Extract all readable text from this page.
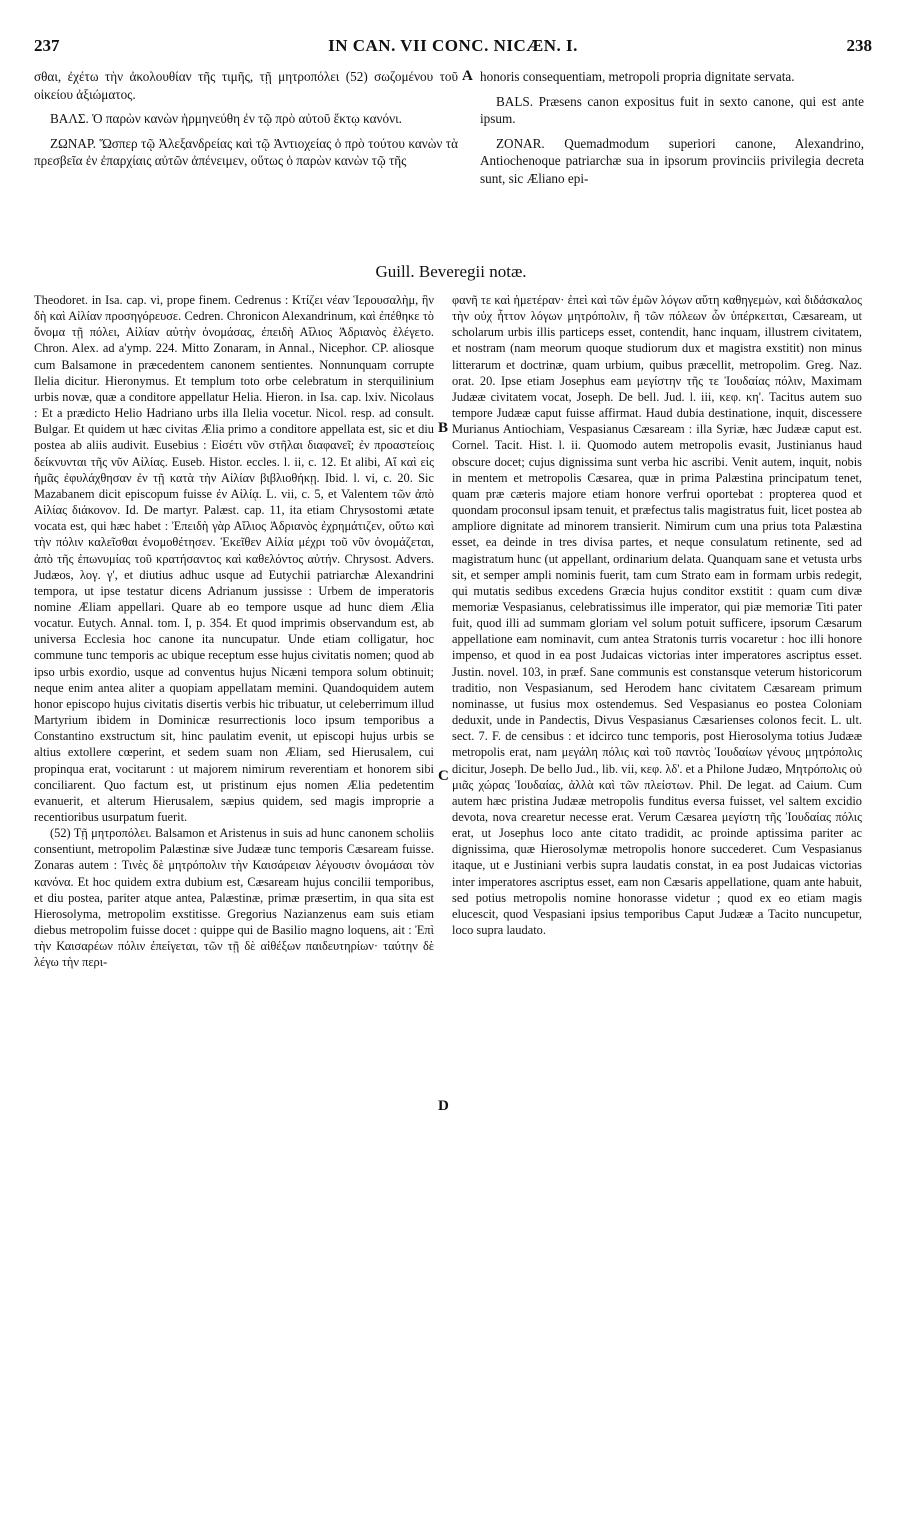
237	IN CAN. VII CONC. NICÆN. I.	238

σθαι, ἐχέτω τὴν ἀκολουθίαν τῆς τιμῆς, τῇ μητροπόλει (52) σωζομένου τοῦ οἰκείου ἀξιώματος.

ΒΑΛΣ. Ὁ παρὼν κανὼν ἡρμηνεύθη ἐν τῷ πρὸ αὐτοῦ ἕκτῳ κανόνι.

ΖΩΝΑΡ. Ὥσπερ τῷ Ἀλεξανδρείας καὶ τῷ Ἀντιοχείας ὁ πρὸ τούτου κανὼν τὰ πρεσβεῖα ἐν ἐπαρχίαις αὐτῶν ἀπένειμεν, οὕτως ὁ παρὼν κανὼν τῷ τῆς

A honoris consequentiam, metropoli propria dignitate servata.

BALS. Præsens canon expositus fuit in sexto canone, qui est ante ipsum.

ZONAR. Quemadmodum superiori canone, Alexandrino, Antiochenoque patriarchæ sua in ipsorum provinciis privilegia decreta sunt, sic Æliano epi-

Guill. Beveregii notæ.

Theodoret. in Isa. cap. vi, prope finem. Cedrenus : Κτίζει νέαν Ἱερουσαλὴμ, ἣν δὴ καὶ Αἰλίαν προσηγόρευσε. Cedren. Chronicon Alexandrinum, καὶ ἐπέθηκε τὸ ὄνομα τῇ πόλει, Αἰλίαν αὐτὴν ὀνομάσας, ἐπειδὴ Αἴλιος Ἀδριανὸς ἐλέγετο. Chron. Alex. ad a'ymp. 224. Mitto Zonaram, in Annal., Nicephor. CP. aliosque cum Balsamone in præcedentem canonem sentientes. Nonnunquam corrupte Ilelia dicitur. Hieronymus. Et templum toto orbe celebratum in sterquilinium urbis novæ, quæ a conditore appellatur Helia. Hieron. in Isa. cap. lxiv. Nicolaus : Et a prædicto Helio Hadriano urbs illa Ilelia vocetur. Nicol. resp. ad consult. Bulgar. Et quidem ut hæc civitas Ælia primo a conditore appellata est, sic et diu postea ab aliis audivit. Eusebius : Εἰσέτι νῦν στῆλαι διαφανεῖ; ἐν προαστείοις δείκνυνται τῆς νῦν Αἰλίας. Euseb. Histor. eccles. l. ii, c. 12. Et alibi, Αἵ καὶ εἰς ἡμᾶς ἐφυλάχθησαν ἐν τῇ κατὰ τὴν Αἰλίαν βιβλιοθήκῃ. Ibid. l. vi, c. 20. Sic Mazabanem dicit episcopum fuisse ἐν Αἰλίᾳ. L. vii, c. 5, et Valentem τῶν ἀπὸ Αἰλίας διάκονον. Id. De martyr. Palæst. cap. 11, ita etiam Chrysostomi ætate vocata est, qui hæc habet : Ἐπειδὴ γὰρ Αἴλιος Ἀδριανὸς ἐχρημάτιζεν, οὕτω καὶ τὴν πόλιν καλεῖσθαι ἐνομοθέτησεν. Ἐκεῖθεν Αἰλία μέχρι τοῦ νῦν ὀνομάζεται, ἀπὸ τῆς ἐπωνυμίας τοῦ κρατήσαντος καὶ καθελόντος αὐτήν. Chrysost. Advers. Judæos, λογ. γ', et diutius adhuc usque ad Eutychii patriarchæ Alexandrini tempora, ut ipse testatur dicens Adrianum jussisse : Urbem de imperatoris nomine Æliam appellari. Quare ab eo tempore usque ad hunc diem Ælia vocatur. Eutych. Annal. tom. I, p. 354. Et quod imprimis observandum est, ab universa Ecclesia hoc canone ita nuncupatur. Unde etiam colligatur, hoc commune tunc temporis ac ubique receptum esse hujus civitatis nomen; quod ab ipso urbis exordio, usque ad conventus hujus Nicæni tempora solum obtinuit; neque enim antea aliter a quopiam appellatam memini. Quandoquidem autem honor episcopo hujus civitatis disertis verbis hic tribuatur, ut celeberrimum illud Martyrium ibidem in Dominicæ resurrectionis loco ipsum temporibus a Constantino exstructum sit, hinc paulatim evenit, ut episcopi hujus urbis se altius extollere cœperint, et sedem suam non Æliam, sed Hierusalem, cui propinqua erat, vocitarunt : ut majorem nimirum reverentiam et honorem sibi conciliarent. Quo factum est, ut pristinum ejus nomen Ælia pedetentim evanuerit, et alterum Hierusalem, sæpius quidem, sed magis improprie a recentioribus usurpatum fuerit.

(52) Τῇ μητροπόλει. Balsamon et Aristenus in suis ad hunc canonem scholiis consentiunt, metropolim Palæstinæ sive Judææ tunc temporis Cæsaream fuisse. Zonaras autem : Τινὲς δὲ μητρόπολιν τὴν Καισάρειαν λέγουσιν ὀνομάσαι τὸν κανόνα. Et hoc quidem extra dubium est, Cæsaream hujus concilii temporibus, et diu postea, pariter atque antea, Palæstinæ, primæ præsertim, in qua sita est Hierosolyma, metropolim exstitisse. Gregorius Nazianzenus eam suis etiam diebus metropolim fuisse docet : quippe qui de Basilio magno loquens, ait : Ἐπὶ τὴν Καισαρέων πόλιν ἐπείγεται, τῶν τῇ δὲ αἰθέξων παιδευτηρίων· ταύτην δὲ λέγω τὴν περι-

B
C
D

φανῆ τε καὶ ἡμετέραν· ἐπεὶ καὶ τῶν ἐμῶν λόγων αὕτη καθηγεμὼν, καὶ διδάσκαλος τὴν οὐχ ἧττον λόγων μητρόπολιν, ἢ τῶν πόλεων ὧν ὑπέρκειται, Cæsaream, ut scholarum urbis illis particeps esset, contendit, hanc inquam, illustrem civitatem, et nostram (nam meorum quoque studiorum dux et magistra exstitit) non minus litterarum et doctrinæ, quam urbium, quibus præcellit, metropolim. Greg. Naz. orat. 20. Ipse etiam Josephus eam μεγίστην τῆς τε Ἰουδαίας πόλιν, Maximam Judææ civitatem vocat, Joseph. De bell. Jud. l. iii, κεφ. κη'. Tacitus autem suo tempore Judææ caput fuisse affirmat. Haud dubia destinatione, inquit, discessere Murianus Antiochiam, Vespasianus Cæsaream : illa Syriæ, hæc Judææ caput est. Cornel. Tacit. Hist. l. ii. Quomodo autem metropolis evasit, Justinianus haud obscure docet; cujus dignissima sunt verba hic ascribi. Venit autem, inquit, nobis in mentem et metropolis Cæsarea, quæ in prima Palæstina principatum tenet, quam præ cæteris majore etiam honore verfrui oportebat : propterea quod et quondam proconsul ipsam tenuit, et præfectus talis magistratus fuit, licet postea ab ampliore dignitate ad minorem transierit. Nimirum cum una prius tota Palæstina esset, ea deinde in tres divisa partes, et neque consulatum retinente, sed ad magistratum hunc (ut appellant, ordinarium delata. Quanquam sane et vetusta urbs sit, et semper ampli nominis fuerit, tam cum Strato eam in formam urbis redegit, qui mutatis sedibus excedens Græcia hujus conditor exstitit : quam cum divæ memoriæ Vespasianus, celebratissimus ille imperator, qui piæ memoriæ Titi pater fuit, quod illi ad summam gloriam vel solum potuit sufficere, ipsorum Cæsarum appellatione eam nominavit, cum antea Stratonis turris vocaretur : hoc illi honore impenso, et quod in ea post Judaicas victorias inter imperatores ascriptus esset. Justin. novel. 103, in præf. Sane communis est constansque veterum historicorum traditio, non Vespasianum, sed Herodem hanc civitatem Cæsaream primum nominasse, ut fusius mox ostendemus. Sed Vespasianus eo postea Coloniam deduxit, unde in Pandectis, Divus Vespasianus Cæsarienses colonos fecit. L. ult. sect. 7. F. de censibus : et idcirco tunc temporis, post Hierosolyma totius Judææ metropolis erat, nam μεγάλη πόλις καὶ τοῦ παντὸς Ἰουδαίων γένους μητρόπολις dicitur, Joseph. De bello Jud., lib. vii, κεφ. λδ'. et a Philone Judæo, Μητρόπολις οὐ μιᾶς χώρας Ἰουδαίας, ἀλλὰ καὶ τῶν πλείστων. Phil. De legat. ad Caium. Cum autem hæc pristina Judææ metropolis funditus eversa fuisset, vel saltem excidio devota, nova crearetur necesse erat. Verum Cæsarea μεγίστη τῆς Ἰουδαίας πόλις erat, ut Josephus loco ante citato tradidit, ac proinde aptissima pariter ac dignissima, quæ Hierosolymæ metropolis honore succederet. Cum Vespasianus itaque, ut e Justiniani verbis supra laudatis constat, in ea post Judaicas victorias inter imperatores ascriptus esset, eam non Cæsaris appellatione, quam ante habuit, sed potius metropolis nomine honorasse videtur ; quod ex eo etiam magis elucescit, quod Vespasiani ipsius temporibus Caput Judææ a Tacito nuncupetur, loco supra laudato.
